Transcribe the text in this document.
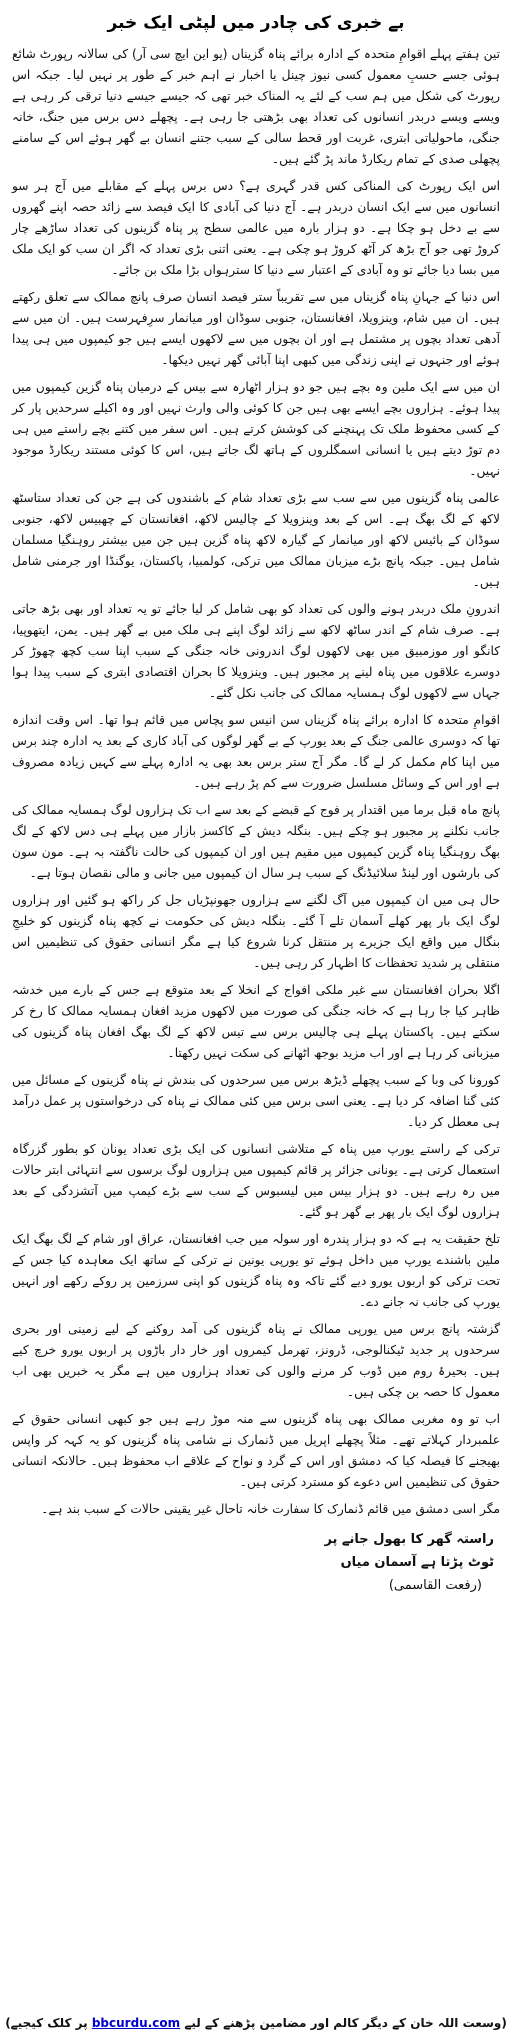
بے خبری کی چادر میں لپٹی ایک خبر

تین ہفتے پہلے اقوامِ متحدہ کے ادارہ برائے پناہ گزیناں (یو این ایچ سی آر) کی سالانہ رپورٹ شائع ہوئی جسے حسبِ معمول کسی نیوز چینل یا اخبار نے اہم خبر کے طور پر نہیں لیا۔ جبکہ اس رپورٹ کی شکل میں ہم سب کے لئے یہ المناک خبر تھی کہ جیسے جیسے دنیا ترقی کر رہی ہے ویسے ویسے دربدر انسانوں کی تعداد بھی بڑھتی جا رہی ہے۔ پچھلے دس برس میں جنگ، خانہ جنگی، ماحولیاتی ابتری، غربت اور قحط سالی کے سبب جتنے انسان بے گھر ہوئے اس کے سامنے پچھلی صدی کے تمام ریکارڈ ماند پڑ گئے ہیں۔

اس ایک رپورٹ کی المناکی کس قدر گہری ہے؟ دس برس پہلے کے مقابلے میں آج ہر سو انسانوں میں سے ایک انسان دربدر ہے۔ آج دنیا کی آبادی کا ایک فیصد سے زائد حصہ اپنے گھروں سے بے دخل ہو چکا ہے۔ دو ہزار بارہ میں عالمی سطح پر پناہ گزینوں کی تعداد ساڑھے چار کروڑ تھی جو آج بڑھ کر آٹھ کروڑ ہو چکی ہے۔ یعنی اتنی بڑی تعداد کہ اگر ان سب کو ایک ملک میں بسا دیا جائے تو وہ آبادی کے اعتبار سے دنیا کا سترہواں بڑا ملک بن جائے۔

اس دنیا کے جہانِ پناہ گزیناں میں سے تقریباً ستر فیصد انسان صرف پانچ ممالک سے تعلق رکھتے ہیں۔ ان میں شام، وینزویلا، افغانستان، جنوبی سوڈان اور میانمار سرِفہرست ہیں۔ ان میں سے آدھی تعداد بچوں پر مشتمل ہے اور ان بچوں میں سے لاکھوں ایسے ہیں جو کیمپوں میں ہی پیدا ہوئے اور جنہوں نے اپنی زندگی میں کبھی اپنا آبائی گھر نہیں دیکھا۔

ان میں سے ایک ملین وہ بچے ہیں جو دو ہزار اٹھارہ سے بیس کے درمیان پناہ گزین کیمپوں میں پیدا ہوئے۔ ہزاروں بچے ایسے بھی ہیں جن کا کوئی والی وارث نہیں اور وہ اکیلے سرحدیں پار کر کے کسی محفوظ ملک تک پہنچنے کی کوشش کرتے ہیں۔ اس سفر میں کتنے بچے راستے میں ہی دم توڑ دیتے ہیں یا انسانی اسمگلروں کے ہاتھ لگ جاتے ہیں، اس کا کوئی مستند ریکارڈ موجود نہیں۔

عالمی پناہ گزینوں میں سے سب سے بڑی تعداد شام کے باشندوں کی ہے جن کی تعداد ستاسٹھ لاکھ کے لگ بھگ ہے۔ اس کے بعد وینزویلا کے چالیس لاکھ، افغانستان کے چھبیس لاکھ، جنوبی سوڈان کے بائیس لاکھ اور میانمار کے گیارہ لاکھ پناہ گزین ہیں جن میں بیشتر روہنگیا مسلمان شامل ہیں۔ جبکہ پانچ بڑے میزبان ممالک میں ترکی، کولمبیا، پاکستان، یوگنڈا اور جرمنی شامل ہیں۔

اندرونِ ملک دربدر ہونے والوں کی تعداد کو بھی شامل کر لیا جائے تو یہ تعداد اور بھی بڑھ جاتی ہے۔ صرف شام کے اندر ساٹھ لاکھ سے زائد لوگ اپنے ہی ملک میں بے گھر ہیں۔ یمن، ایتھوپیا، کانگو اور موزمبیق میں بھی لاکھوں لوگ اندرونی خانہ جنگی کے سبب اپنا سب کچھ چھوڑ کر دوسرے علاقوں میں پناہ لینے پر مجبور ہیں۔ وینزویلا کا بحران اقتصادی ابتری کے سبب پیدا ہوا جہاں سے لاکھوں لوگ ہمسایہ ممالک کی جانب نکل گئے۔

اقوامِ متحدہ کا ادارہ برائے پناہ گزیناں سن انیس سو پچاس میں قائم ہوا تھا۔ اس وقت اندازہ تھا کہ دوسری عالمی جنگ کے بعد یورپ کے بے گھر لوگوں کی آباد کاری کے بعد یہ ادارہ چند برس میں اپنا کام مکمل کر لے گا۔ مگر آج ستر برس بعد بھی یہ ادارہ پہلے سے کہیں زیادہ مصروف ہے اور اس کے وسائل مسلسل ضرورت سے کم پڑ رہے ہیں۔

پانچ ماہ قبل برما میں اقتدار پر فوج کے قبضے کے بعد سے اب تک ہزاروں لوگ ہمسایہ ممالک کی جانب نکلنے پر مجبور ہو چکے ہیں۔ بنگلہ دیش کے کاکسز بازار میں پہلے ہی دس لاکھ کے لگ بھگ روہنگیا پناہ گزین کیمپوں میں مقیم ہیں اور ان کیمپوں کی حالت ناگفتہ بہ ہے۔ مون سون کی بارشوں اور لینڈ سلائیڈنگ کے سبب ہر سال ان کیمپوں میں جانی و مالی نقصان ہوتا ہے۔

حال ہی میں ان کیمپوں میں آگ لگنے سے ہزاروں جھونپڑیاں جل کر راکھ ہو گئیں اور ہزاروں لوگ ایک بار پھر کھلے آسمان تلے آ گئے۔ بنگلہ دیش کی حکومت نے کچھ پناہ گزینوں کو خلیجِ بنگال میں واقع ایک جزیرے پر منتقل کرنا شروع کیا ہے مگر انسانی حقوق کی تنظیمیں اس منتقلی پر شدید تحفظات کا اظہار کر رہی ہیں۔

اگلا بحران افغانستان سے غیر ملکی افواج کے انخلا کے بعد متوقع ہے جس کے بارے میں خدشہ ظاہر کیا جا رہا ہے کہ خانہ جنگی کی صورت میں لاکھوں مزید افغان ہمسایہ ممالک کا رخ کر سکتے ہیں۔ پاکستان پہلے ہی چالیس برس سے تیس لاکھ کے لگ بھگ افغان پناہ گزینوں کی میزبانی کر رہا ہے اور اب مزید بوجھ اٹھانے کی سکت نہیں رکھتا۔

کورونا کی وبا کے سبب پچھلے ڈیڑھ برس میں سرحدوں کی بندش نے پناہ گزینوں کے مسائل میں کئی گنا اضافہ کر دیا ہے۔ یعنی اسی برس میں کئی ممالک نے پناہ کی درخواستوں پر عمل درآمد ہی معطل کر دیا۔

ترکی کے راستے یورپ میں پناہ کے متلاشی انسانوں کی ایک بڑی تعداد یونان کو بطور گزرگاہ استعمال کرتی ہے۔ یونانی جزائر پر قائم کیمپوں میں ہزاروں لوگ برسوں سے انتہائی ابتر حالات میں رہ رہے ہیں۔ دو ہزار بیس میں لیسبوس کے سب سے بڑے کیمپ میں آتشزدگی کے بعد ہزاروں لوگ ایک بار پھر بے گھر ہو گئے۔

تلخ حقیقت یہ ہے کہ دو ہزار پندرہ اور سولہ میں جب افغانستان، عراق اور شام کے لگ بھگ ایک ملین باشندے یورپ میں داخل ہوئے تو یورپی یونین نے ترکی کے ساتھ ایک معاہدہ کیا جس کے تحت ترکی کو اربوں یورو دیے گئے تاکہ وہ پناہ گزینوں کو اپنی سرزمین پر روکے رکھے اور انہیں یورپ کی جانب نہ جانے دے۔

گزشتہ پانچ برس میں یورپی ممالک نے پناہ گزینوں کی آمد روکنے کے لیے زمینی اور بحری سرحدوں پر جدید ٹیکنالوجی، ڈرونز، تھرمل کیمروں اور خار دار باڑوں پر اربوں یورو خرچ کیے ہیں۔ بحیرۂ روم میں ڈوب کر مرنے والوں کی تعداد ہزاروں میں ہے مگر یہ خبریں بھی اب معمول کا حصہ بن چکی ہیں۔

اب تو وہ مغربی ممالک بھی پناہ گزینوں سے منہ موڑ رہے ہیں جو کبھی انسانی حقوق کے علمبردار کہلاتے تھے۔ مثلاً پچھلے اپریل میں ڈنمارک نے شامی پناہ گزینوں کو یہ کہہ کر واپس بھیجنے کا فیصلہ کیا کہ دمشق اور اس کے گرد و نواح کے علاقے اب محفوظ ہیں۔ حالانکہ انسانی حقوق کی تنظیمیں اس دعوے کو مسترد کرتی ہیں۔

مگر اسی دمشق میں قائم ڈنمارک کا سفارت خانہ تاحال غیر یقینی حالات کے سبب بند ہے۔

راستہ گھر کا بھول جانے پر
ٹوٹ پڑتا ہے آسمان میاں
(رفعت القاسمی)
(وسعت اللہ خان کے دیگر کالم اور مضامین پڑھنے کے لیے bbcurdu.com پر کلک کیجیے)
